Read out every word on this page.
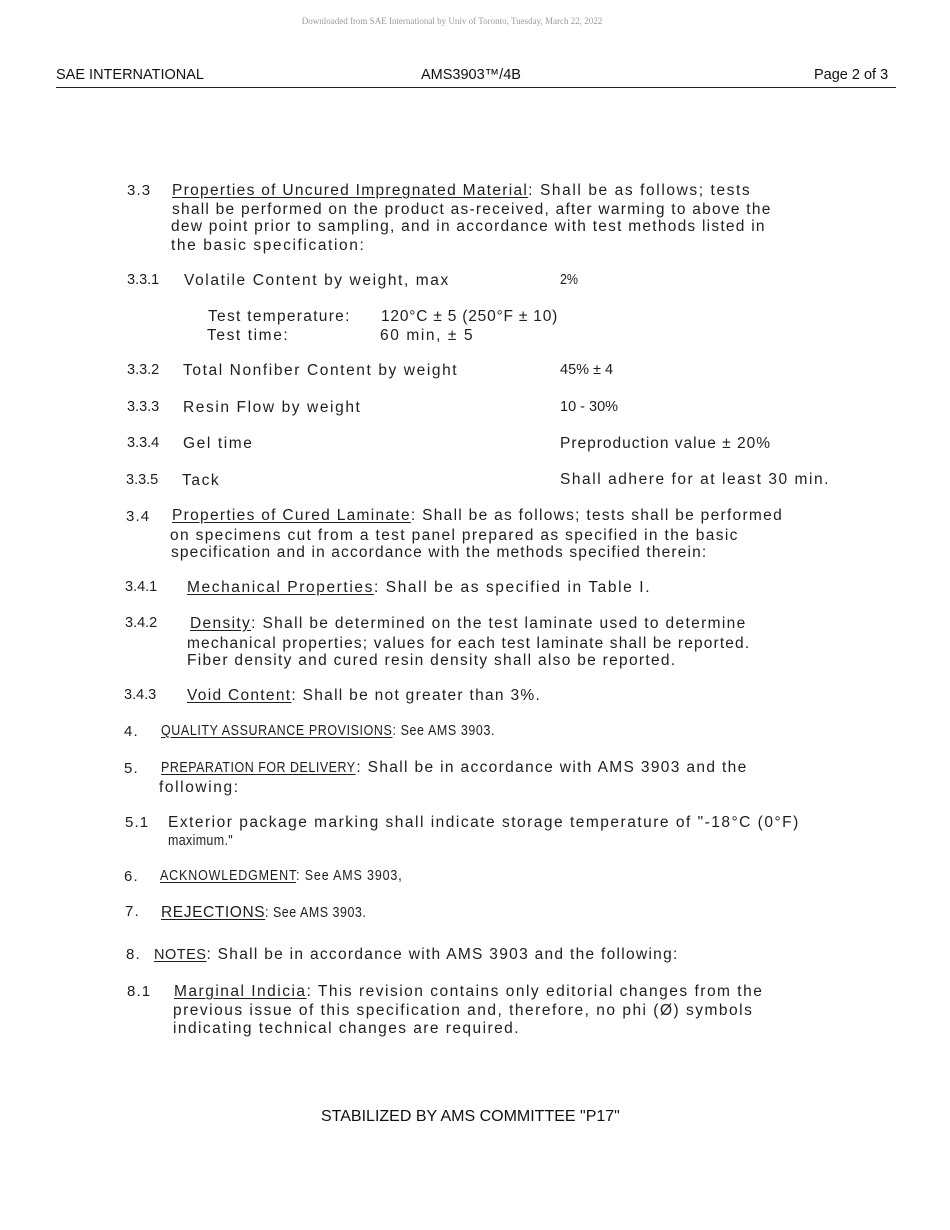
Downloaded from SAE International by Univ of Toronto, Tuesday, March 22, 2022
SAE INTERNATIONAL	AMS3903™/4B	Page 2 of 3
3.3 Properties of Uncured Impregnated Material: Shall be as follows; tests
shall be performed on the product as-received, after warming to above the
dew point prior to sampling, and in accordance with test methods listed in
the basic specification:
3.3.1 Volatile Content by weight, max	2%
Test temperature: 120°C ± 5 (250°F ± 10)
Test time:	60 min, ± 5
3.3.2 Total Nonfiber Content by weight	45% ± 4
3.3.3 Resin Flow by weight	10 - 30%
3.3.4 Gel time	Preproduction value ± 20%
3.3.5 Tack	Shall adhere for at least 30 min.
3.4 Properties of Cured Laminate: Shall be as follows; tests shall be performed
on specimens cut from a test panel prepared as specified in the basic
specification and in accordance with the methods specified therein:
3.4.1 Mechanical Properties: Shall be as specified in Table I.
3.4.2 Density: Shall be determined on the test laminate used to determine
mechanical properties; values for each test laminate shall be reported.
Fiber density and cured resin density shall also be reported.
3.4.3 Void Content: Shall be not greater than 3%.
4. QUALITY ASSURANCE PROVISIONS: See AMS 3903.
5. PREPARATION FOR DELIVERY: Shall be in accordance with AMS 3903 and the
following:
5.1 Exterior package marking shall indicate storage temperature of "-18°C (0°F)
maximum."
6. ACKNOWLEDGMENT: See AMS 3903,
7. REJECTIONS: See AMS 3903.
8. NOTES: Shall be in accordance with AMS 3903 and the following:
8.1 Marginal Indicia: This revision contains only editorial changes from the
previous issue of this specification and, therefore, no phi (Ø) symbols
indicating technical changes are required.
STABILIZED BY AMS COMMITTEE "P17"
